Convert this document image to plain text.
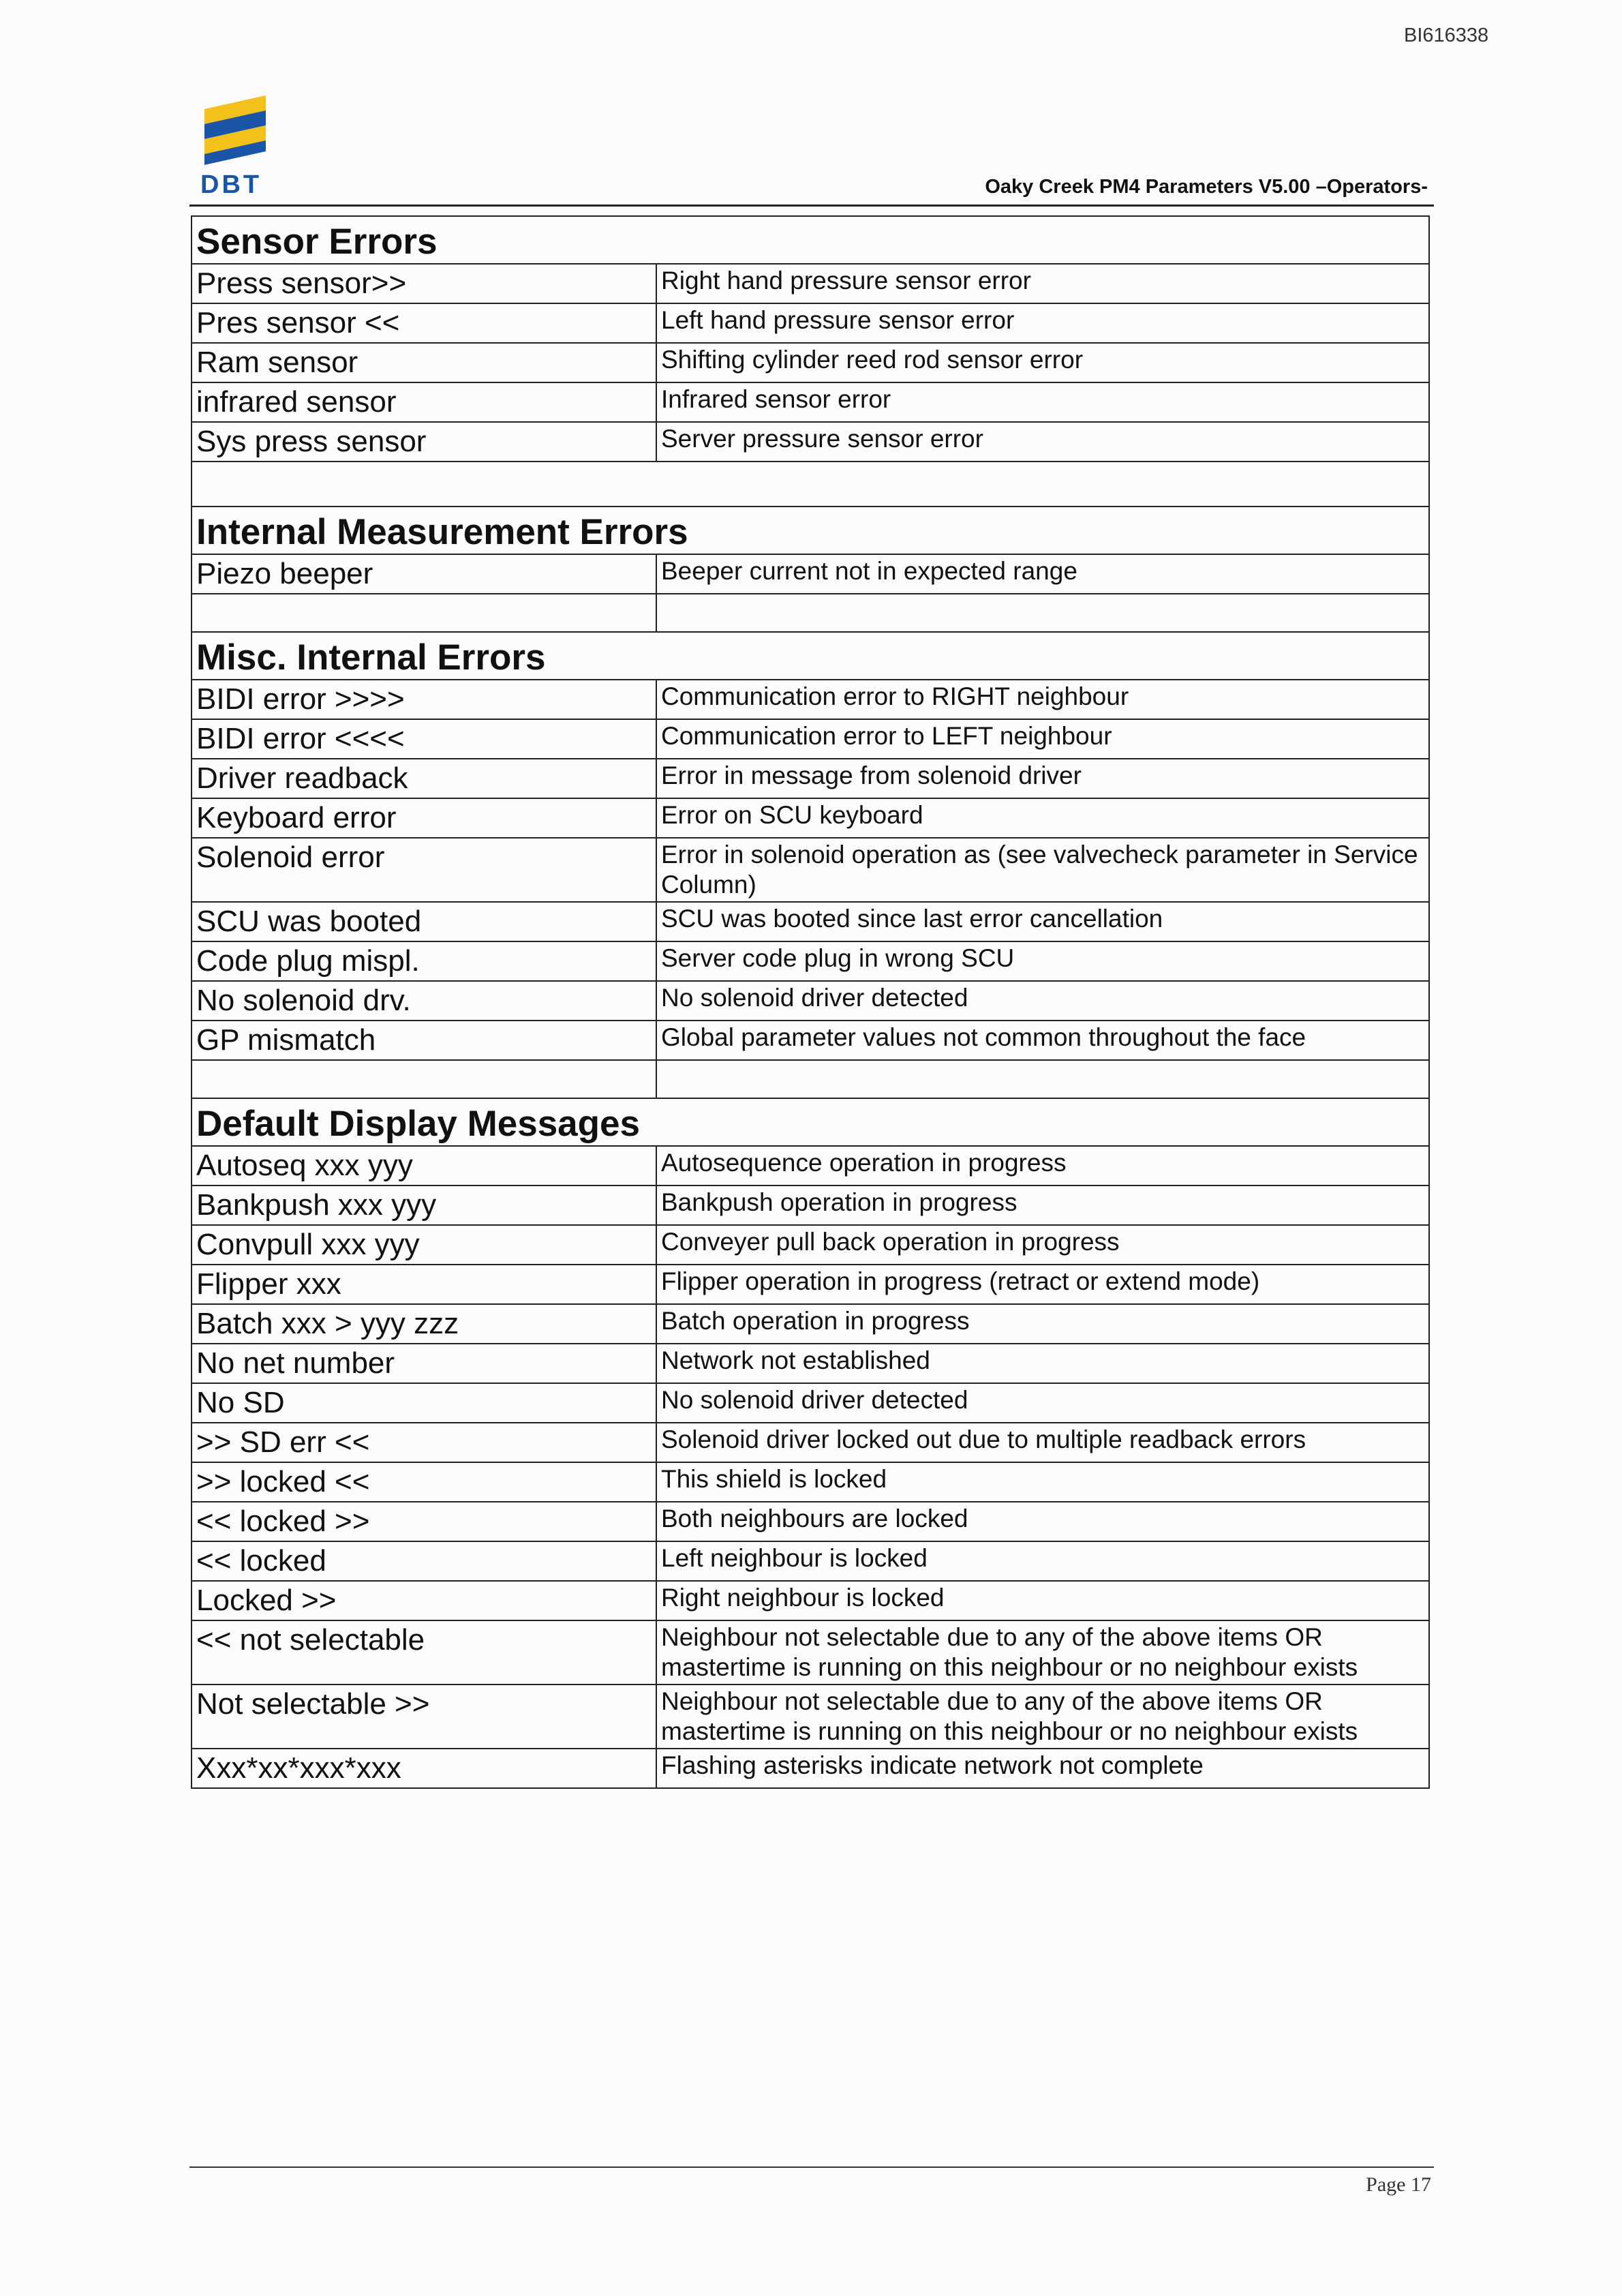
BI616338
DBT	Oaky Creek PM4 Parameters V5.00 –Operators-
Sensor Errors	
Press sensor>>	Right hand pressure sensor error
Pres sensor <<	Left hand pressure sensor error
Ram sensor	Shifting cylinder reed rod sensor error
infrared sensor	Infrared sensor error
Sys press sensor	Server pressure sensor error

Internal Measurement Errors	
Piezo beeper	Beeper current not in expected range

Misc. Internal Errors	
BIDI error >>>>	Communication error to RIGHT neighbour
BIDI error <<<<	Communication error to LEFT neighbour
Driver readback	Error in message from solenoid driver
Keyboard error	Error on SCU keyboard
Solenoid error	Error in solenoid operation as (see valvecheck parameter in Service Column)
SCU was booted	SCU was booted since last error cancellation
Code plug mispl.	Server code plug in wrong SCU
No solenoid drv.	No solenoid driver detected
GP mismatch	Global parameter values not common throughout the face

Default Display Messages	
Autoseq xxx yyy	Autosequence operation in progress
Bankpush xxx yyy	Bankpush operation in progress
Convpull xxx yyy	Conveyer pull back operation in progress
Flipper xxx	Flipper operation in progress (retract or extend mode)
Batch xxx > yyy zzz	Batch operation in progress
No net number	Network not established
No SD	No solenoid driver detected
>> SD err <<	Solenoid driver locked out due to multiple readback errors
>> locked <<	This shield is locked
<< locked >>	Both neighbours are locked
<< locked	Left neighbour is locked
Locked >>	Right neighbour is locked
<< not selectable	Neighbour not selectable due to any of the above items OR mastertime is running on this neighbour or no neighbour exists
Not selectable >>	Neighbour not selectable due to any of the above items OR mastertime is running on this neighbour or no neighbour exists
Xxx*xx*xxx*xxx	Flashing asterisks indicate network not complete
Page 17
